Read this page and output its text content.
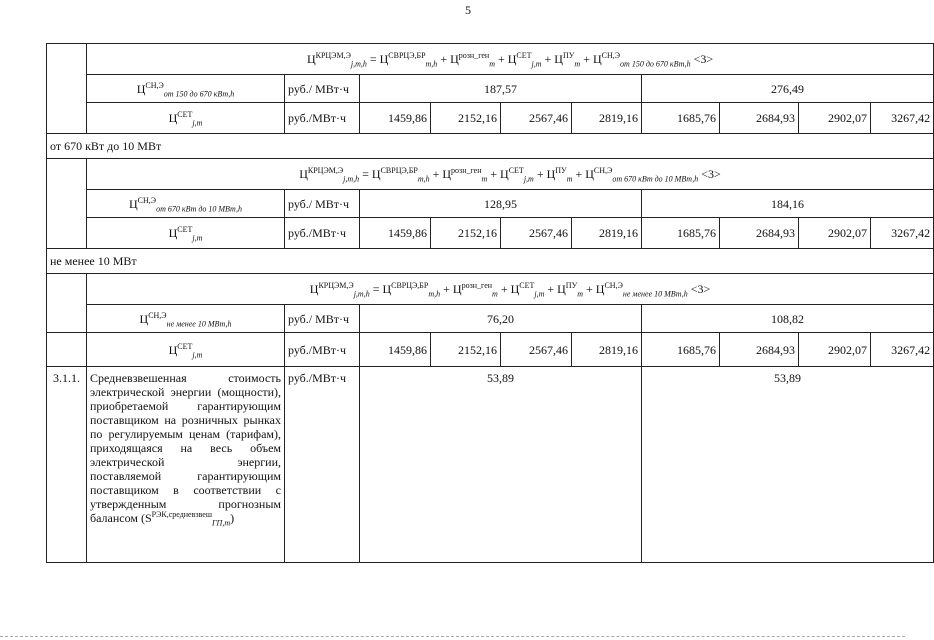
5
	$Ц^{КРЦЭМ,Э}_{j,m,h} = Ц^{СВРЦЭ,БР}_{m,h} + Ц^{розн\_ген}_m + Ц^{СЕТ}_{j,m} + Ц^{ПУ}_m + Ц^{СН,Э}_{от 150 до 670 кВт,h} <3>$									
	$Ц^{СН,Э}_{от 150 до 670 кВт,h}$	руб./ МВт·ч	187,57				276,49			
	$Ц^{СЕТ}_{j,m}$	руб./МВт·ч	1459,86	2152,16	2567,46	2819,16	1685,76	2684,93	2902,07	3267,42
от 670 кВт до 10 МВт										
	$Ц^{КРЦЭМ,Э}_{j,m,h} = Ц^{СВРЦЭ,БР}_{m,h} + Ц^{розн\_ген}_m + Ц^{СЕТ}_{j,m} + Ц^{ПУ}_m + Ц^{СН,Э}_{от 670 кВт до 10 МВт,h} <3>$									
	$Ц^{СН,Э}_{от 670 кВт до 10 МВт,h}$	руб./ МВт·ч	128,95				184,16			
	$Ц^{СЕТ}_{j,m}$	руб./МВт·ч	1459,86	2152,16	2567,46	2819,16	1685,76	2684,93	2902,07	3267,42
не менее 10 МВт										
	$Ц^{КРЦЭМ,Э}_{j,m,h} = Ц^{СВРЦЭ,БР}_{m,h} + Ц^{розн\_ген}_m + Ц^{СЕТ}_{j,m} + Ц^{ПУ}_m + Ц^{СН,Э}_{не менее 10 МВт,h} <3>$									
	$Ц^{СН,Э}_{не менее 10 МВт,h}$	руб./ МВт·ч	76,20				108,82			
	$Ц^{СЕТ}_{j,m}$	руб./МВт·ч	1459,86	2152,16	2567,46	2819,16	1685,76	2684,93	2902,07	3267,42
3.1.1.	Средневзвешенная стоимость электрической энергии (мощности), приобретаемой гарантирующим поставщиком на розничных рынках по регулируемым ценам (тарифам), приходящаяся на весь объем электрической энергии, поставляемой гарантирующим поставщиком в соответствии с утвержденным прогнозным балансом $(S^{РЭК,средневзвеш}_{ГП,m})$	руб./МВт·ч	53,89				53,89			
